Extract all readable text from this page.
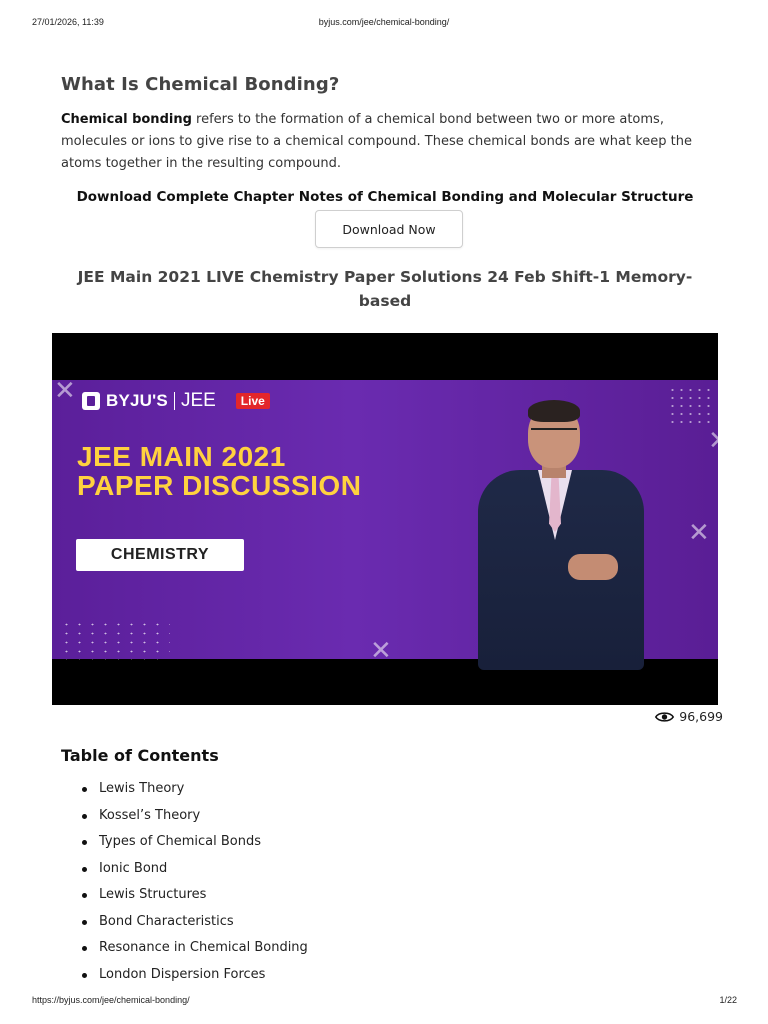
27/01/2026, 11:39	byjus.com/jee/chemical-bonding/
What Is Chemical Bonding?

Chemical bonding refers to the formation of a chemical bond between two or more atoms, molecules or ions to give rise to a chemical compound. These chemical bonds are what keep the atoms together in the resulting compound.

Download Complete Chapter Notes of Chemical Bonding and Molecular Structure

Download Now
JEE Main 2021 LIVE Chemistry Paper Solutions 24 Feb Shift-1 Memory-based
✕
✕
✕
✕
BYJU'S JEE	Live
JEE MAIN 2021
PAPER DISCUSSION
CHEMISTRY
96,699
Table of Contents
Lewis Theory
Kossel’s Theory
Types of Chemical Bonds
Ionic Bond
Lewis Structures
Bond Characteristics
Resonance in Chemical Bonding
London Dispersion Forces
https://byjus.com/jee/chemical-bonding/	1/22
